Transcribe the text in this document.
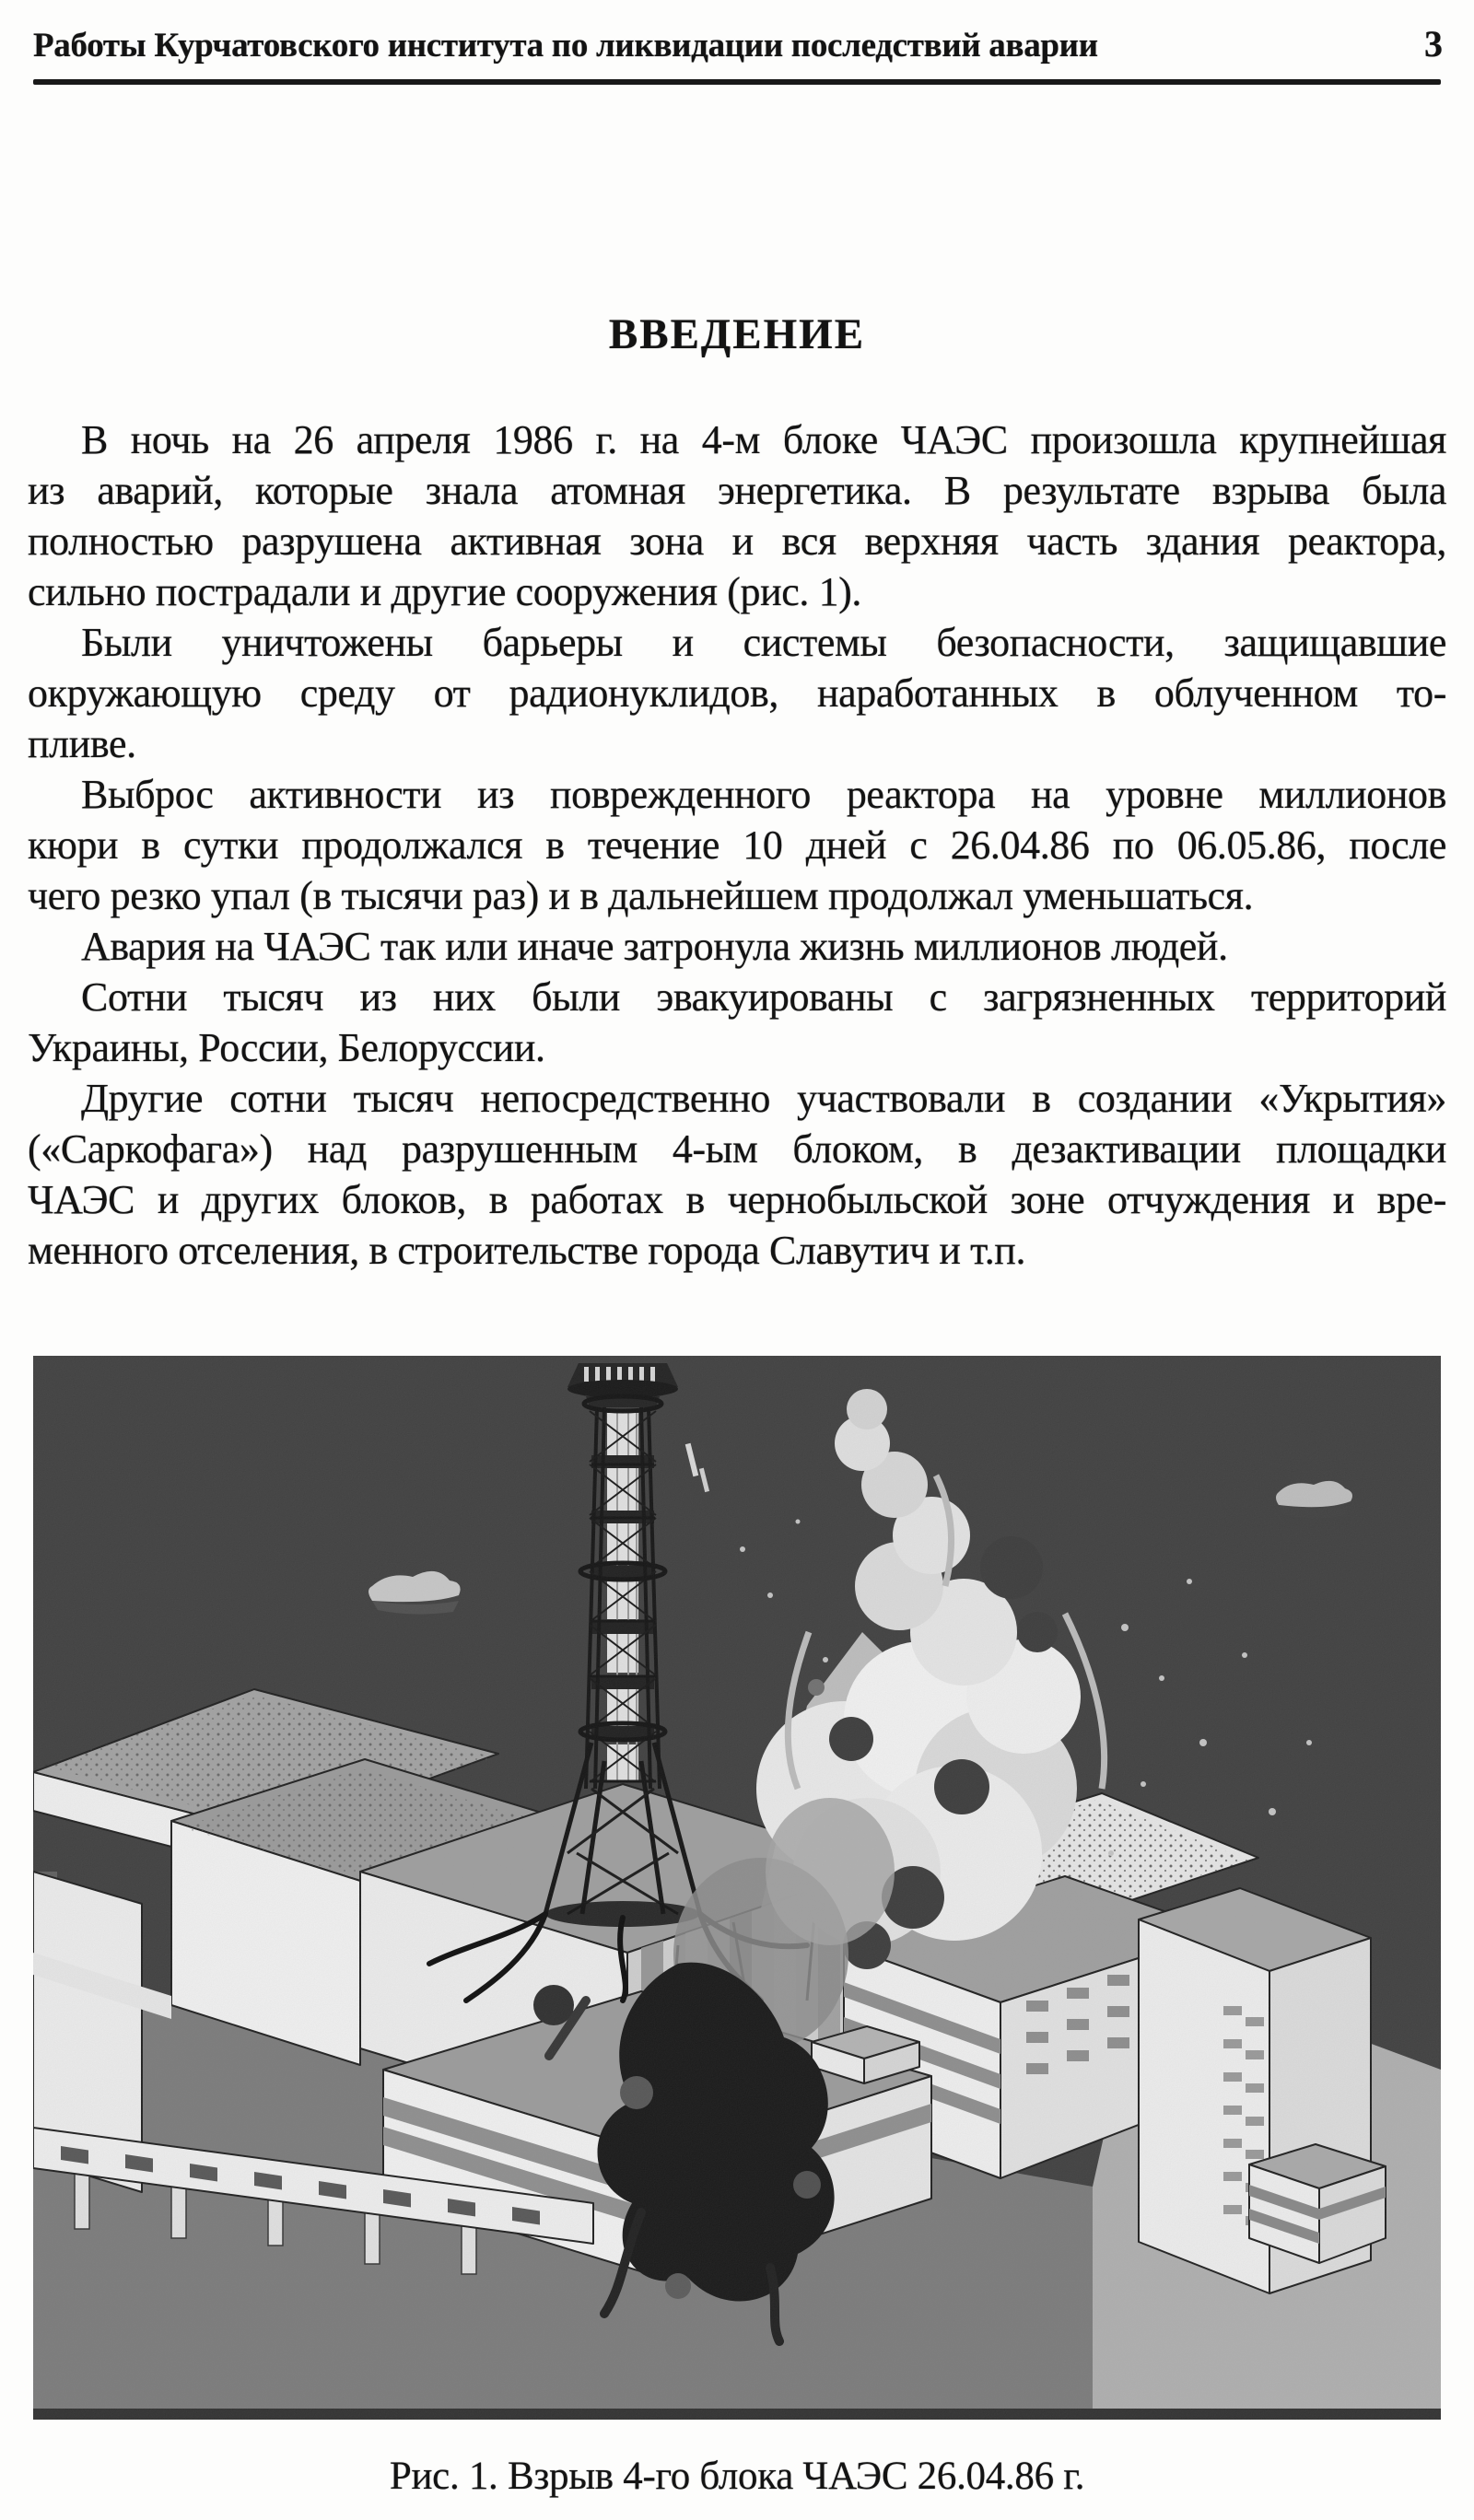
Работы Курчатовского института по ликвидации последствий аварии	3
ВВЕДЕНИЕ

В ночь на 26 апреля 1986 г. на 4-м блоке ЧАЭС произошла крупнейшая
из аварий, которые знала атомная энергетика. В результате взрыва была
полностью разрушена активная зона и вся верхняя часть здания реактора,
сильно пострадали и другие сооружения (рис. 1).

Были уничтожены барьеры и системы безопасности, защищавшие
окружающую среду от радионуклидов, наработанных в облученном то-
пливе.

Выброс активности из поврежденного реактора на уровне миллионов
кюри в сутки продолжался в течение 10 дней с 26.04.86 по 06.05.86, после
чего резко упал (в тысячи раз) и в дальнейшем продолжал уменьшаться.

Авария на ЧАЭС так или иначе затронула жизнь миллионов людей.

Сотни тысяч из них были эвакуированы с загрязненных территорий
Украины, России, Белоруссии.

Другие сотни тысяч непосредственно участвовали в создании «Укрытия»
(«Саркофага») над разрушенным 4-ым блоком, в дезактивации площадки
ЧАЭС и других блоков, в работах в чернобыльской зоне отчуждения и вре-
менного отселения, в строительстве города Славутич и т.п.

Рис. 1. Взрыв 4-го блока ЧАЭС 26.04.86 г.
